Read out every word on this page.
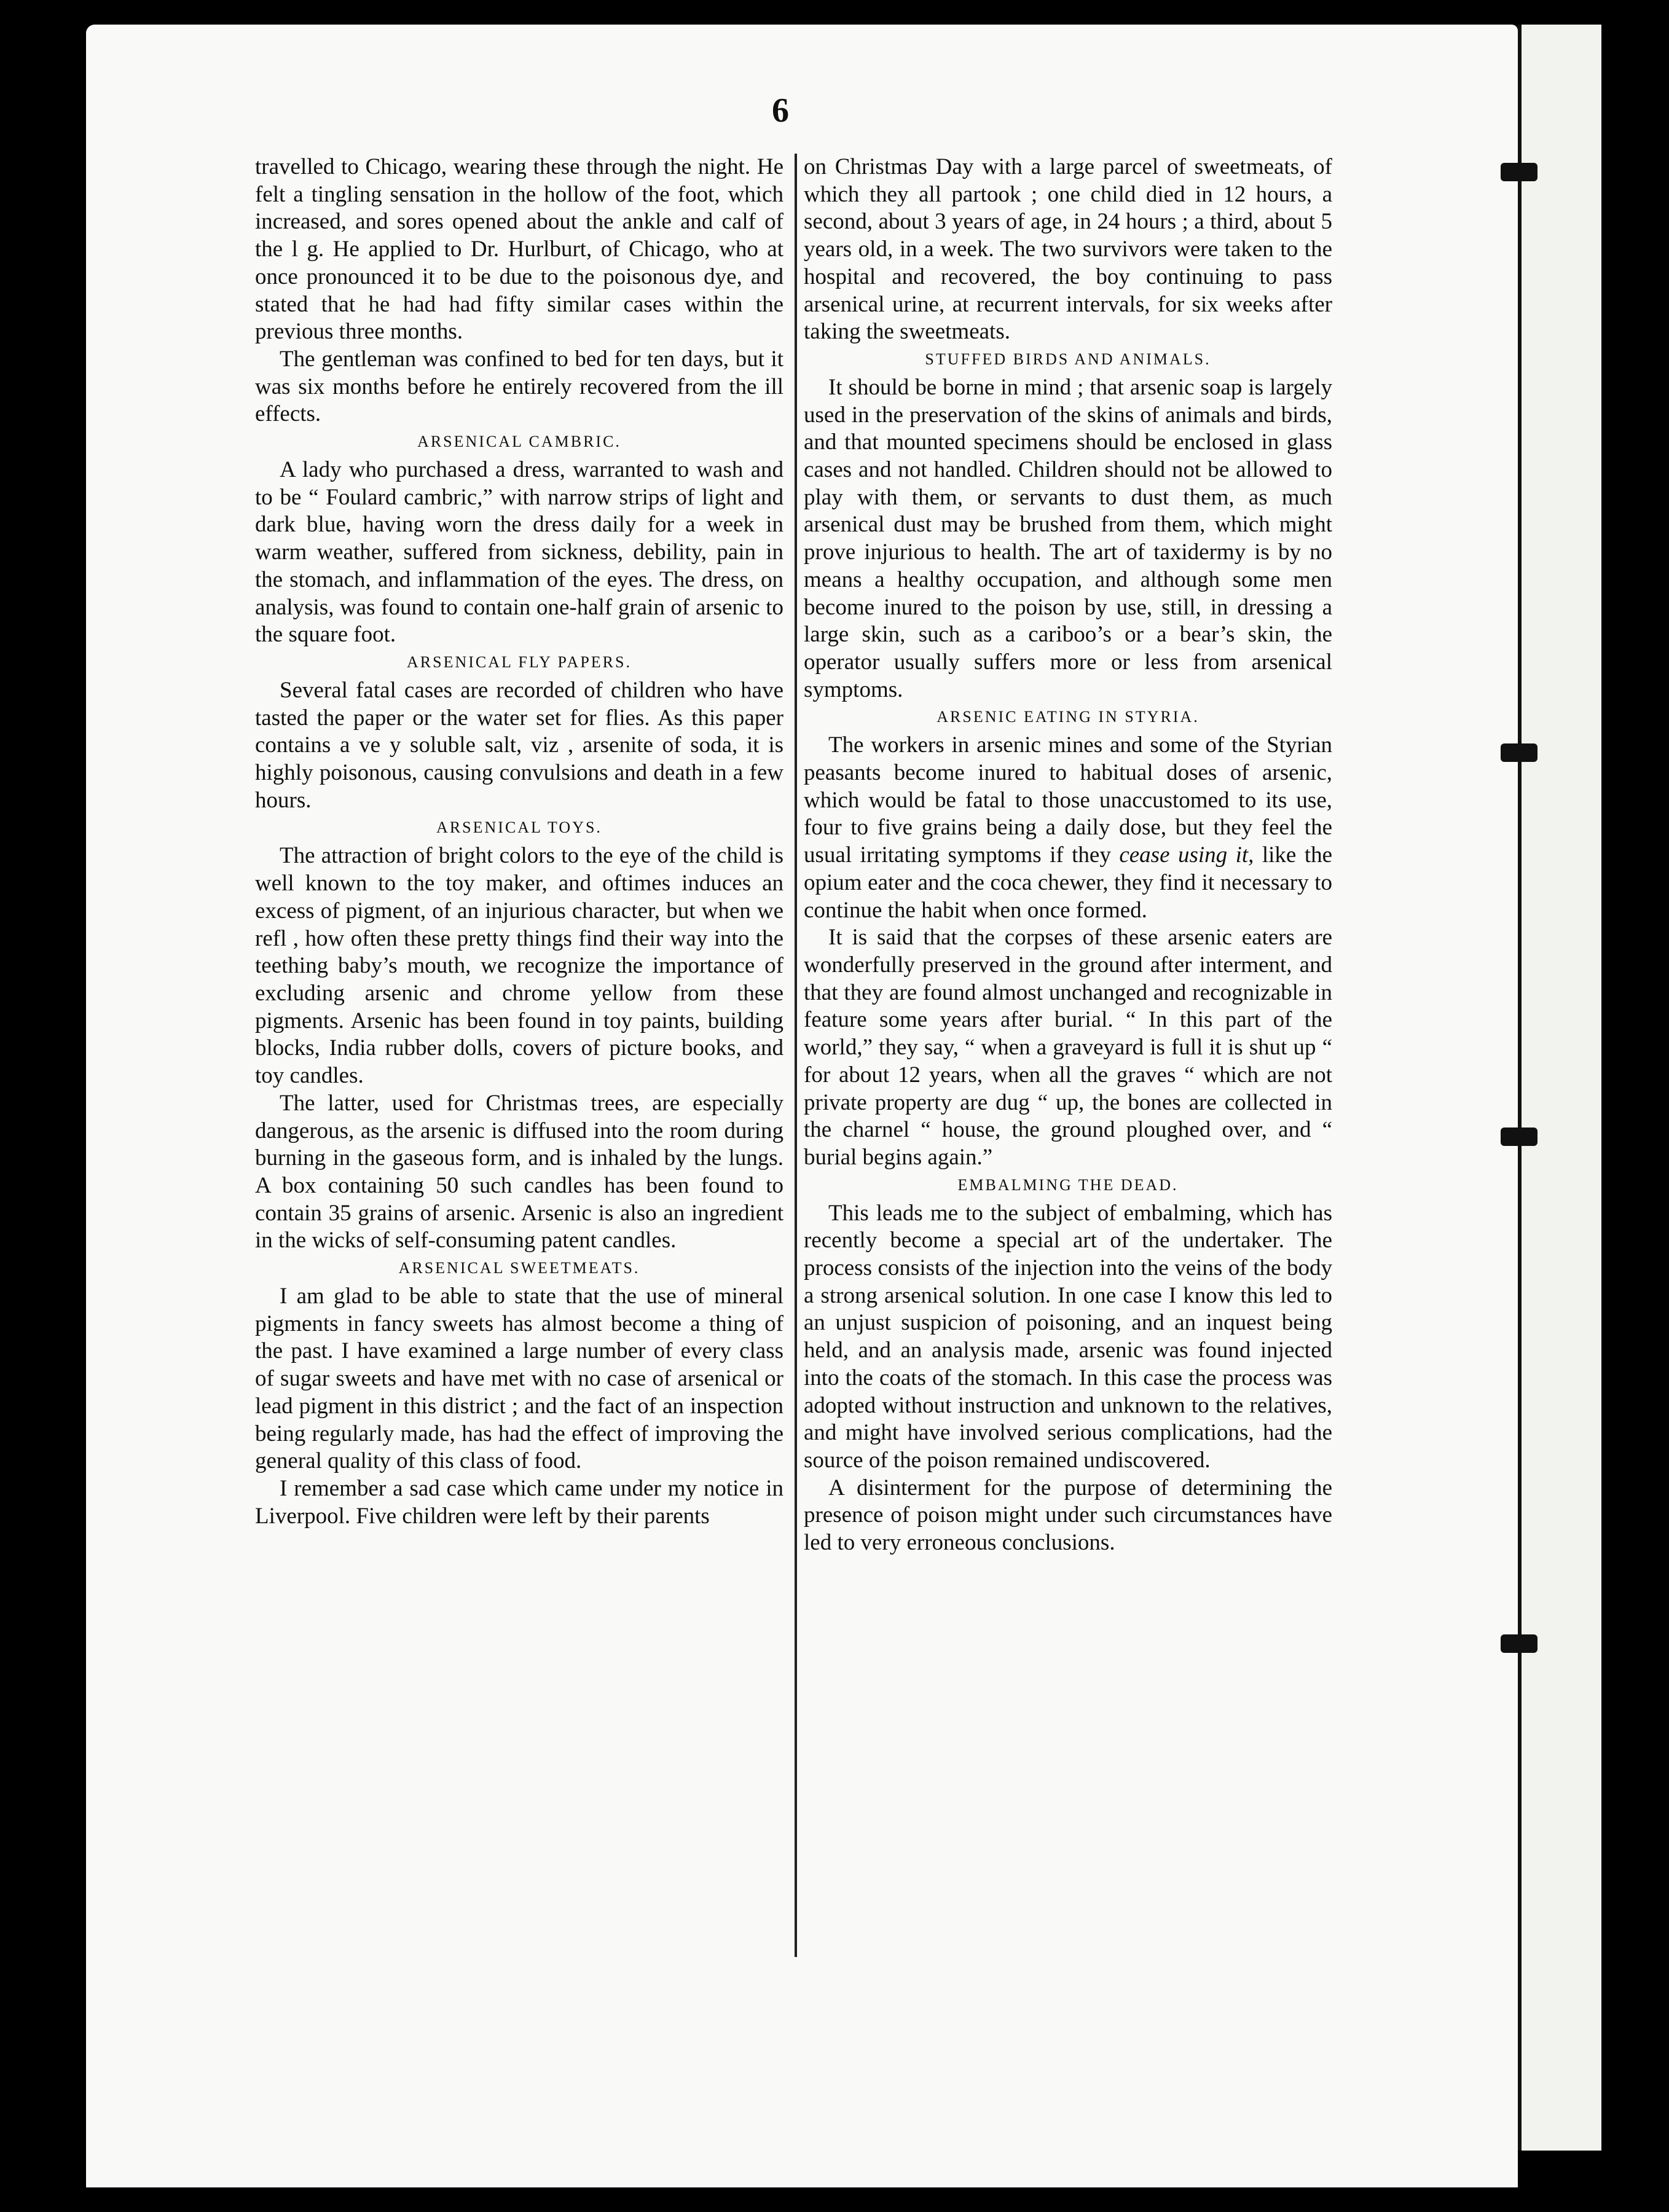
6

travelled to Chicago, wearing these through the night. He felt a tingling sensation in the hollow of the foot, which increased, and sores opened about the ankle and calf of the l g. He applied to Dr. Hurlburt, of Chicago, who at once pronounced it to be due to the poisonous dye, and stated that he had had fifty similar cases within the previous three months.

The gentleman was confined to bed for ten days, but it was six months before he entirely recovered from the ill effects.

ARSENICAL CAMBRIC.

A lady who purchased a dress, warranted to wash and to be “ Foulard cambric,” with narrow strips of light and dark blue, having worn the dress daily for a week in warm weather, suffered from sickness, debility, pain in the stomach, and inflammation of the eyes. The dress, on analysis, was found to contain one-half grain of arsenic to the square foot.

ARSENICAL FLY PAPERS.

Several fatal cases are recorded of children who have tasted the paper or the water set for flies. As this paper contains a ve y soluble salt, viz , arsenite of soda, it is highly poisonous, causing convulsions and death in a few hours.

ARSENICAL TOYS.

The attraction of bright colors to the eye of the child is well known to the toy maker, and oftimes induces an excess of pigment, of an injurious character, but when we refl , how often these pretty things find their way into the teething baby’s mouth, we recognize the importance of excluding arsenic and chrome yellow from these pigments. Arsenic has been found in toy paints, building blocks, India rubber dolls, covers of picture books, and toy candles.

The latter, used for Christmas trees, are especially dangerous, as the arsenic is diffused into the room during burning in the gaseous form, and is inhaled by the lungs. A box containing 50 such candles has been found to contain 35 grains of arsenic. Arsenic is also an ingredient in the wicks of self-consuming patent candles.

ARSENICAL SWEETMEATS.

I am glad to be able to state that the use of mineral pigments in fancy sweets has almost become a thing of the past. I have examined a large number of every class of sugar sweets and have met with no case of arsenical or lead pigment in this district ; and the fact of an inspection being regularly made, has had the effect of improving the general quality of this class of food.

I remember a sad case which came under my notice in Liverpool. Five children were left by their parents

on Christmas Day with a large parcel of sweetmeats, of which they all partook ; one child died in 12 hours, a second, about 3 years of age, in 24 hours ; a third, about 5 years old, in a week. The two survivors were taken to the hospital and recovered, the boy continuing to pass arsenical urine, at recurrent intervals, for six weeks after taking the sweetmeats.

STUFFED BIRDS AND ANIMALS.

It should be borne in mind ; that arsenic soap is largely used in the preservation of the skins of animals and birds, and that mounted specimens should be enclosed in glass cases and not handled. Children should not be allowed to play with them, or servants to dust them, as much arsenical dust may be brushed from them, which might prove injurious to health. The art of taxidermy is by no means a healthy occupation, and although some men become inured to the poison by use, still, in dressing a large skin, such as a cariboo’s or a bear’s skin, the operator usually suffers more or less from arsenical symptoms.

ARSENIC EATING IN STYRIA.

The workers in arsenic mines and some of the Styrian peasants become inured to habitual doses of arsenic, which would be fatal to those unaccustomed to its use, four to five grains being a daily dose, but they feel the usual irritating symptoms if they cease using it, like the opium eater and the coca chewer, they find it necessary to continue the habit when once formed.

It is said that the corpses of these arsenic eaters are wonderfully preserved in the ground after interment, and that they are found almost unchanged and recognizable in feature some years after burial. “ In this part of the world,” they say, “ when a graveyard is full it is shut up “ for about 12 years, when all the graves “ which are not private property are dug “ up, the bones are collected in the charnel “ house, the ground ploughed over, and “ burial begins again.”

EMBALMING THE DEAD.

This leads me to the subject of embalming, which has recently become a special art of the undertaker. The process consists of the injection into the veins of the body a strong arsenical solution. In one case I know this led to an unjust suspicion of poisoning, and an inquest being held, and an analysis made, arsenic was found injected into the coats of the stomach. In this case the process was adopted without instruction and unknown to the relatives, and might have involved serious complications, had the source of the poison remained undiscovered.

A disinterment for the purpose of determining the presence of poison might under such circumstances have led to very erroneous conclusions.
